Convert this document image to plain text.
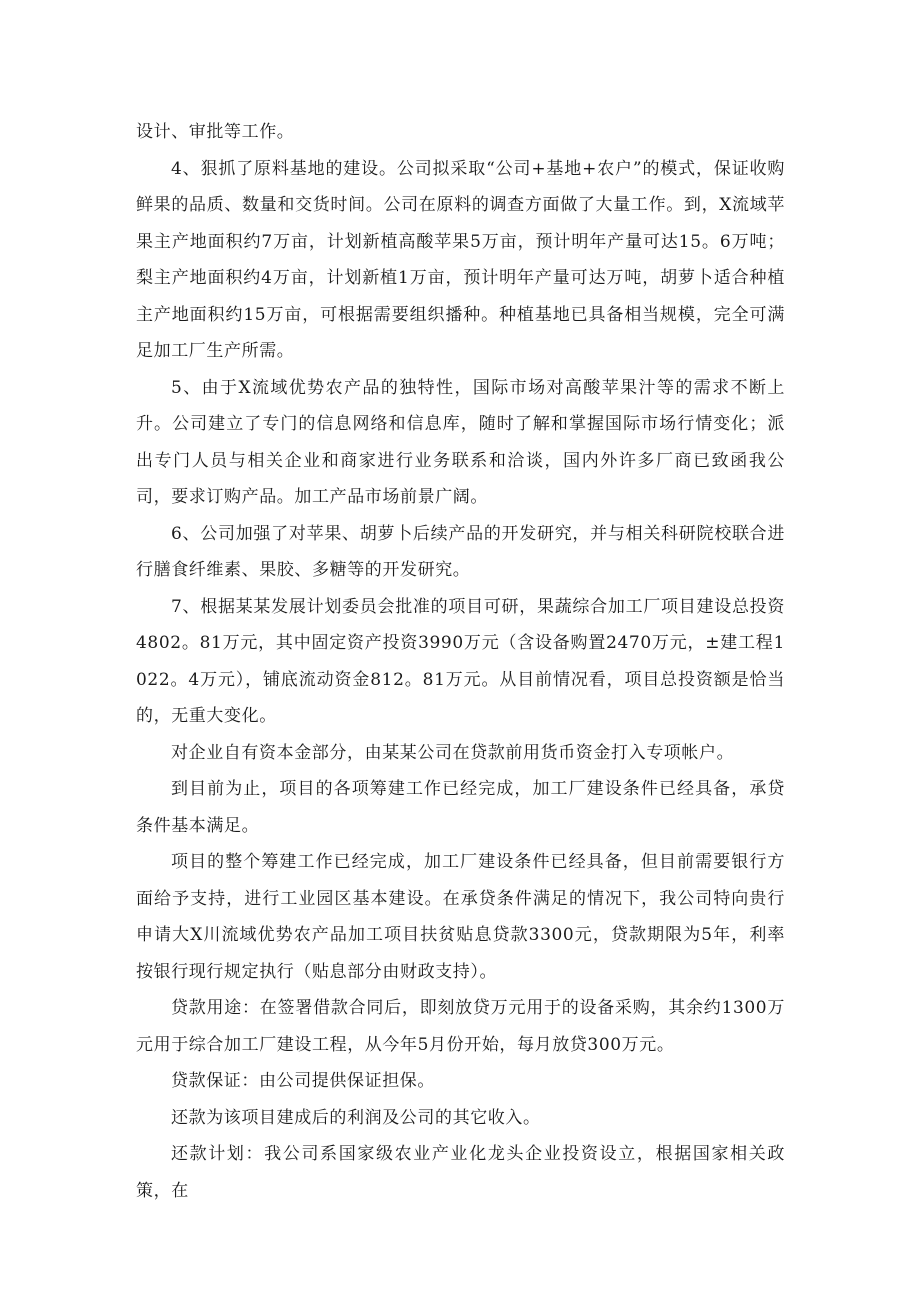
设计、审批等工作。

4、狠抓了原料基地的建设。公司拟采取“公司+基地+农户”的模式，保证收购鲜果的品质、数量和交货时间。公司在原料的调查方面做了大量工作。到，X流域苹果主产地面积约7万亩，计划新植高酸苹果5万亩，预计明年产量可达15。6万吨；梨主产地面积约4万亩，计划新植1万亩，预计明年产量可达万吨，胡萝卜适合种植主产地面积约15万亩，可根据需要组织播种。种植基地已具备相当规模，完全可满足加工厂生产所需。

5、由于X流域优势农产品的独特性，国际市场对高酸苹果汁等的需求不断上升。公司建立了专门的信息网络和信息库，随时了解和掌握国际市场行情变化；派出专门人员与相关企业和商家进行业务联系和洽谈，国内外许多厂商已致函我公司，要求订购产品。加工产品市场前景广阔。

6、公司加强了对苹果、胡萝卜后续产品的开发研究，并与相关科研院校联合进行膳食纤维素、果胶、多糖等的开发研究。

7、根据某某发展计划委员会批准的项目可研，果蔬综合加工厂项目建设总投资4802。81万元，其中固定资产投资3990万元（含设备购置2470万元，±建工程1022。4万元），铺底流动资金812。81万元。从目前情况看，项目总投资额是恰当的，无重大变化。

对企业自有资本金部分，由某某公司在贷款前用货币资金打入专项帐户。

到目前为止，项目的各项筹建工作已经完成，加工厂建设条件已经具备，承贷条件基本满足。

项目的整个筹建工作已经完成，加工厂建设条件已经具备，但目前需要银行方面给予支持，进行工业园区基本建设。在承贷条件满足的情况下，我公司特向贵行申请大X川流域优势农产品加工项目扶贫贴息贷款3300元，贷款期限为5年，利率按银行现行规定执行（贴息部分由财政支持）。

贷款用途：在签署借款合同后，即刻放贷万元用于的设备采购，其余约1300万元用于综合加工厂建设工程，从今年5月份开始，每月放贷300万元。

贷款保证：由公司提供保证担保。

还款为该项目建成后的利润及公司的其它收入。

还款计划：我公司系国家级农业产业化龙头企业投资设立，根据国家相关政策，在
